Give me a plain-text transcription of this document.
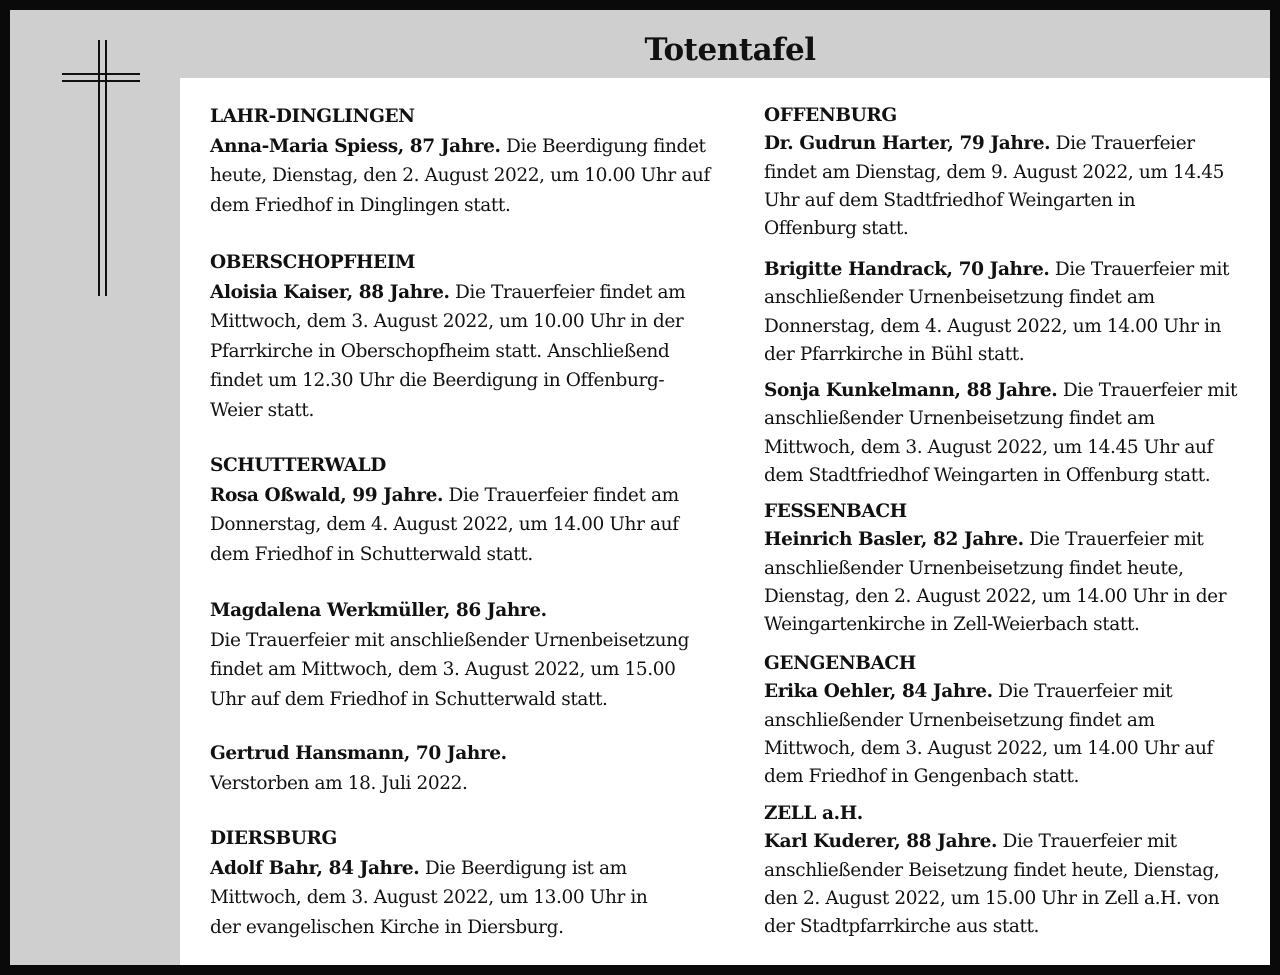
Totentafel
LAHR-DINGLINGEN

Anna-Maria Spiess, 87 Jahre. Die Beerdigung findet heute, Dienstag, den 2. August 2022, um 10.00 Uhr auf dem Friedhof in Dinglingen statt.

OBERSCHOPFHEIM

Aloisia Kaiser, 88 Jahre. Die Trauerfeier findet am Mittwoch, dem 3. August 2022, um 10.00 Uhr in der Pfarrkirche in Oberschopfheim statt. Anschließend findet um 12.30 Uhr die Beerdigung in Offenburg-Weier statt.

SCHUTTERWALD

Rosa Oßwald, 99 Jahre. Die Trauerfeier findet am Donnerstag, dem 4. August 2022, um 14.00 Uhr auf dem Friedhof in Schutterwald statt.

Magdalena Werkmüller, 86 Jahre.
Die Trauerfeier mit anschließender Urnenbeisetzung findet am Mittwoch, dem 3. August 2022, um 15.00 Uhr auf dem Friedhof in Schutterwald statt.

Gertrud Hansmann, 70 Jahre.
Verstorben am 18. Juli 2022.

DIERSBURG

Adolf Bahr, 84 Jahre. Die Beerdigung ist am Mittwoch, dem 3. August 2022, um 13.00 Uhr in der evangelischen Kirche in Diersburg.

OFFENBURG

Dr. Gudrun Harter, 79 Jahre. Die Trauerfeier findet am Dienstag, dem 9. August 2022, um 14.45 Uhr auf dem Stadtfriedhof Weingarten in Offenburg statt.

Brigitte Handrack, 70 Jahre. Die Trauerfeier mit anschließender Urnenbeisetzung findet am Donnerstag, dem 4. August 2022, um 14.00 Uhr in der Pfarrkirche in Bühl statt.

Sonja Kunkelmann, 88 Jahre. Die Trauerfeier mit anschließender Urnenbeisetzung findet am Mittwoch, dem 3. August 2022, um 14.45 Uhr auf dem Stadtfriedhof Weingarten in Offenburg statt.

FESSENBACH

Heinrich Basler, 82 Jahre. Die Trauerfeier mit anschließender Urnenbeisetzung findet heute, Dienstag, den 2. August 2022, um 14.00 Uhr in der Weingartenkirche in Zell-Weierbach statt.

GENGENBACH

Erika Oehler, 84 Jahre. Die Trauerfeier mit anschließender Urnenbeisetzung findet am Mittwoch, dem 3. August 2022, um 14.00 Uhr auf dem Friedhof in Gengenbach statt.

ZELL a.H.

Karl Kuderer, 88 Jahre. Die Trauerfeier mit anschließender Beisetzung findet heute, Dienstag, den 2. August 2022, um 15.00 Uhr in Zell a.H. von der Stadtpfarrkirche aus statt.
